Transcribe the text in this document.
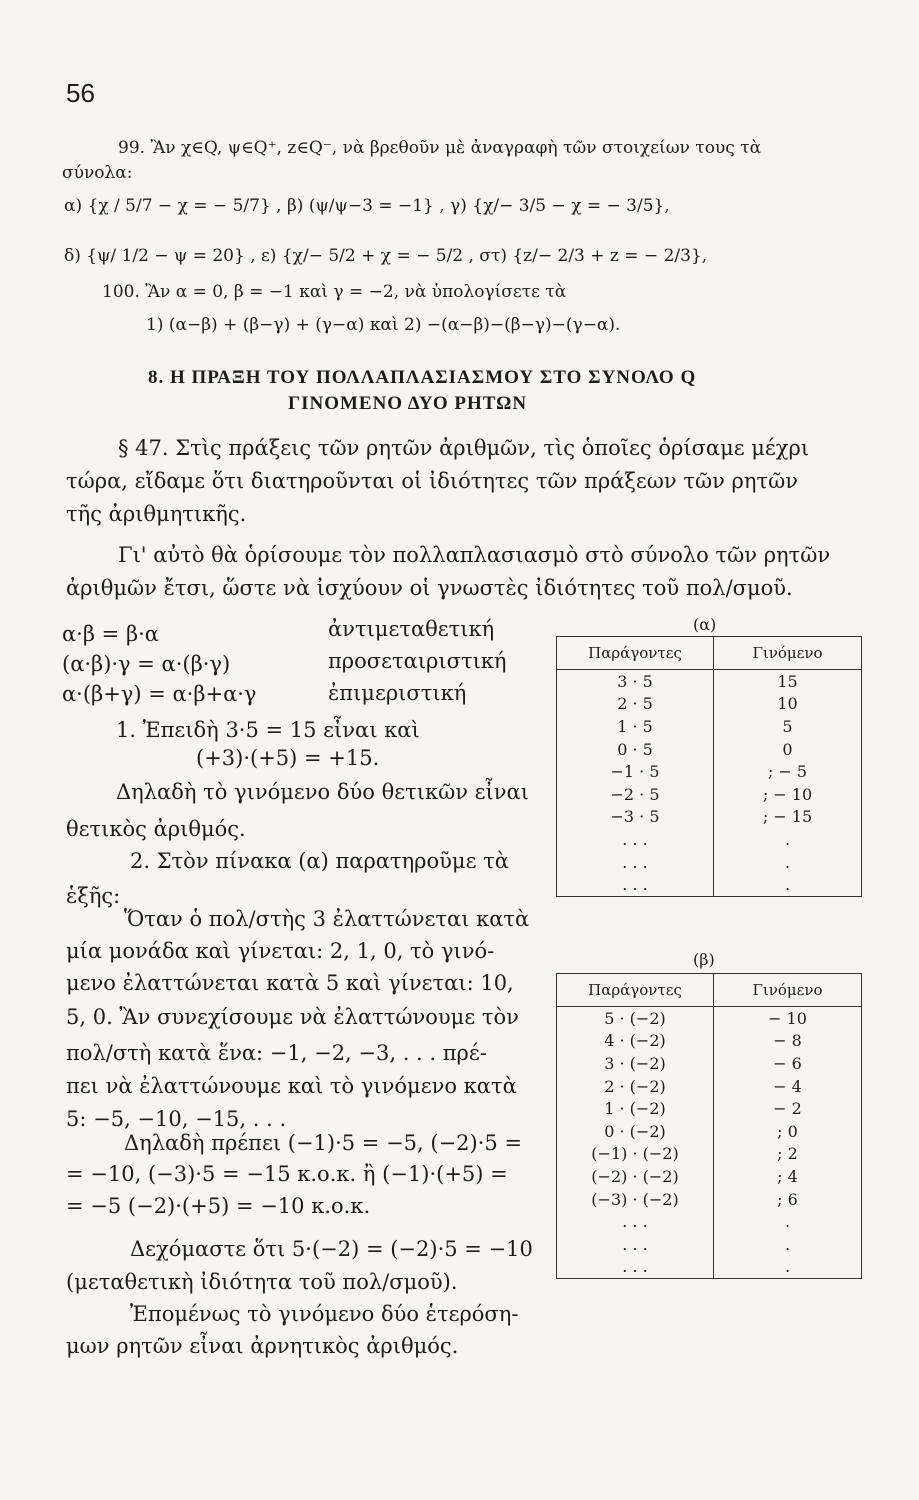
56
99. Ἂν χ∈Q, ψ∈Q⁺, z∈Q⁻, νὰ βρεθοῦν μὲ ἀναγραφὴ τῶν στοιχείων τους τὰ
σύνολα:
α) {χ / 5/7 − χ = − 5/7} , β) (ψ/ψ−3 = −1} , γ) {χ/− 3/5 − χ = − 3/5},
δ) {ψ/ 1/2 − ψ = 20} , ε) {χ/− 5/2 + χ = − 5/2 , στ) {z/− 2/3 + z = − 2/3},
100. Ἂν α = 0, β = −1 καὶ γ = −2, νὰ ὑπολογίσετε τὰ
1) (α−β) + (β−γ) + (γ−α) καὶ 2) −(α−β)−(β−γ)−(γ−α).
8. Η ΠΡΑΞΗ ΤΟΥ ΠΟΛΛΑΠΛΑΣΙΑΣΜΟΥ ΣΤΟ ΣΥΝΟΛΟ Q
ΓΙΝΟΜΕΝΟ ΔΥΟ ΡΗΤΩΝ
§ 47. Στὶς πράξεις τῶν ρητῶν ἀριθμῶν, τὶς ὁποῖες ὁρίσαμε μέχρι
τώρα, εἴδαμε ὅτι διατηροῦνται οἱ ἰδιότητες τῶν πράξεων τῶν ρητῶν
τῆς ἀριθμητικῆς.
Γι' αὐτὸ θὰ ὁρίσουμε τὸν πολλαπλασιασμὸ στὸ σύνολο τῶν ρητῶν
ἀριθμῶν ἔτσι, ὥστε νὰ ἰσχύουν οἱ γνωστὲς ἰδιότητες τοῦ πολ/σμοῦ.
α·β = β·α	ἀντιμεταθετική
(α·β)·γ = α·(β·γ)	προσεταιριστική
α·(β+γ) = α·β+α·γ	ἐπιμεριστική
1. Ἐπειδὴ 3·5 = 15 εἶναι καὶ
(+3)·(+5) = +15.
Δηλαδὴ τὸ γινόμενο δύο θετικῶν εἶναι
θετικὸς ἀριθμός.
2. Στὸν πίνακα (α) παρατηροῦμε τὰ
ἑξῆς:
Ὅταν ὁ πολ/στὴς 3 ἐλαττώνεται κατὰ
μία μονάδα καὶ γίνεται: 2, 1, 0, τὸ γινό-
μενο ἐλαττώνεται κατὰ 5 καὶ γίνεται: 10,
5, 0. Ἂν συνεχίσουμε νὰ ἐλαττώνουμε τὸν
πολ/στὴ κατὰ ἕνα: −1, −2, −3, . . . πρέ-
πει νὰ ἐλαττώνουμε καὶ τὸ γινόμενο κατὰ
5: −5, −10, −15, . . .
Δηλαδὴ πρέπει (−1)·5 = −5, (−2)·5 =
= −10, (−3)·5 = −15 κ.ο.κ. ἢ (−1)·(+5) =
= −5 (−2)·(+5) = −10 κ.ο.κ.
Δεχόμαστε ὅτι 5·(−2) = (−2)·5 = −10
(μεταθετικὴ ἰδιότητα τοῦ πολ/σμοῦ).
Ἐπομένως τὸ γινόμενο δύο ἑτερόση-
μων ρητῶν εἶναι ἀρνητικὸς ἀριθμός.
(α)
Παράγοντες	Γινόμενο
3 · 5	15
2 · 5	10
1 · 5	5
0 · 5	0
−1 · 5	; − 5
−2 · 5	; − 10
−3 · 5	; − 15
. . .	.
. . .	.
. . .	.
(β)
Παράγοντες	Γινόμενο
5 · (−2)	− 10
4 · (−2)	− 8
3 · (−2)	− 6
2 · (−2)	− 4
1 · (−2)	− 2
0 · (−2)	; 0
(−1) · (−2)	; 2
(−2) · (−2)	; 4
(−3) · (−2)	; 6
. . .	.
. . .	.
. . .	.
